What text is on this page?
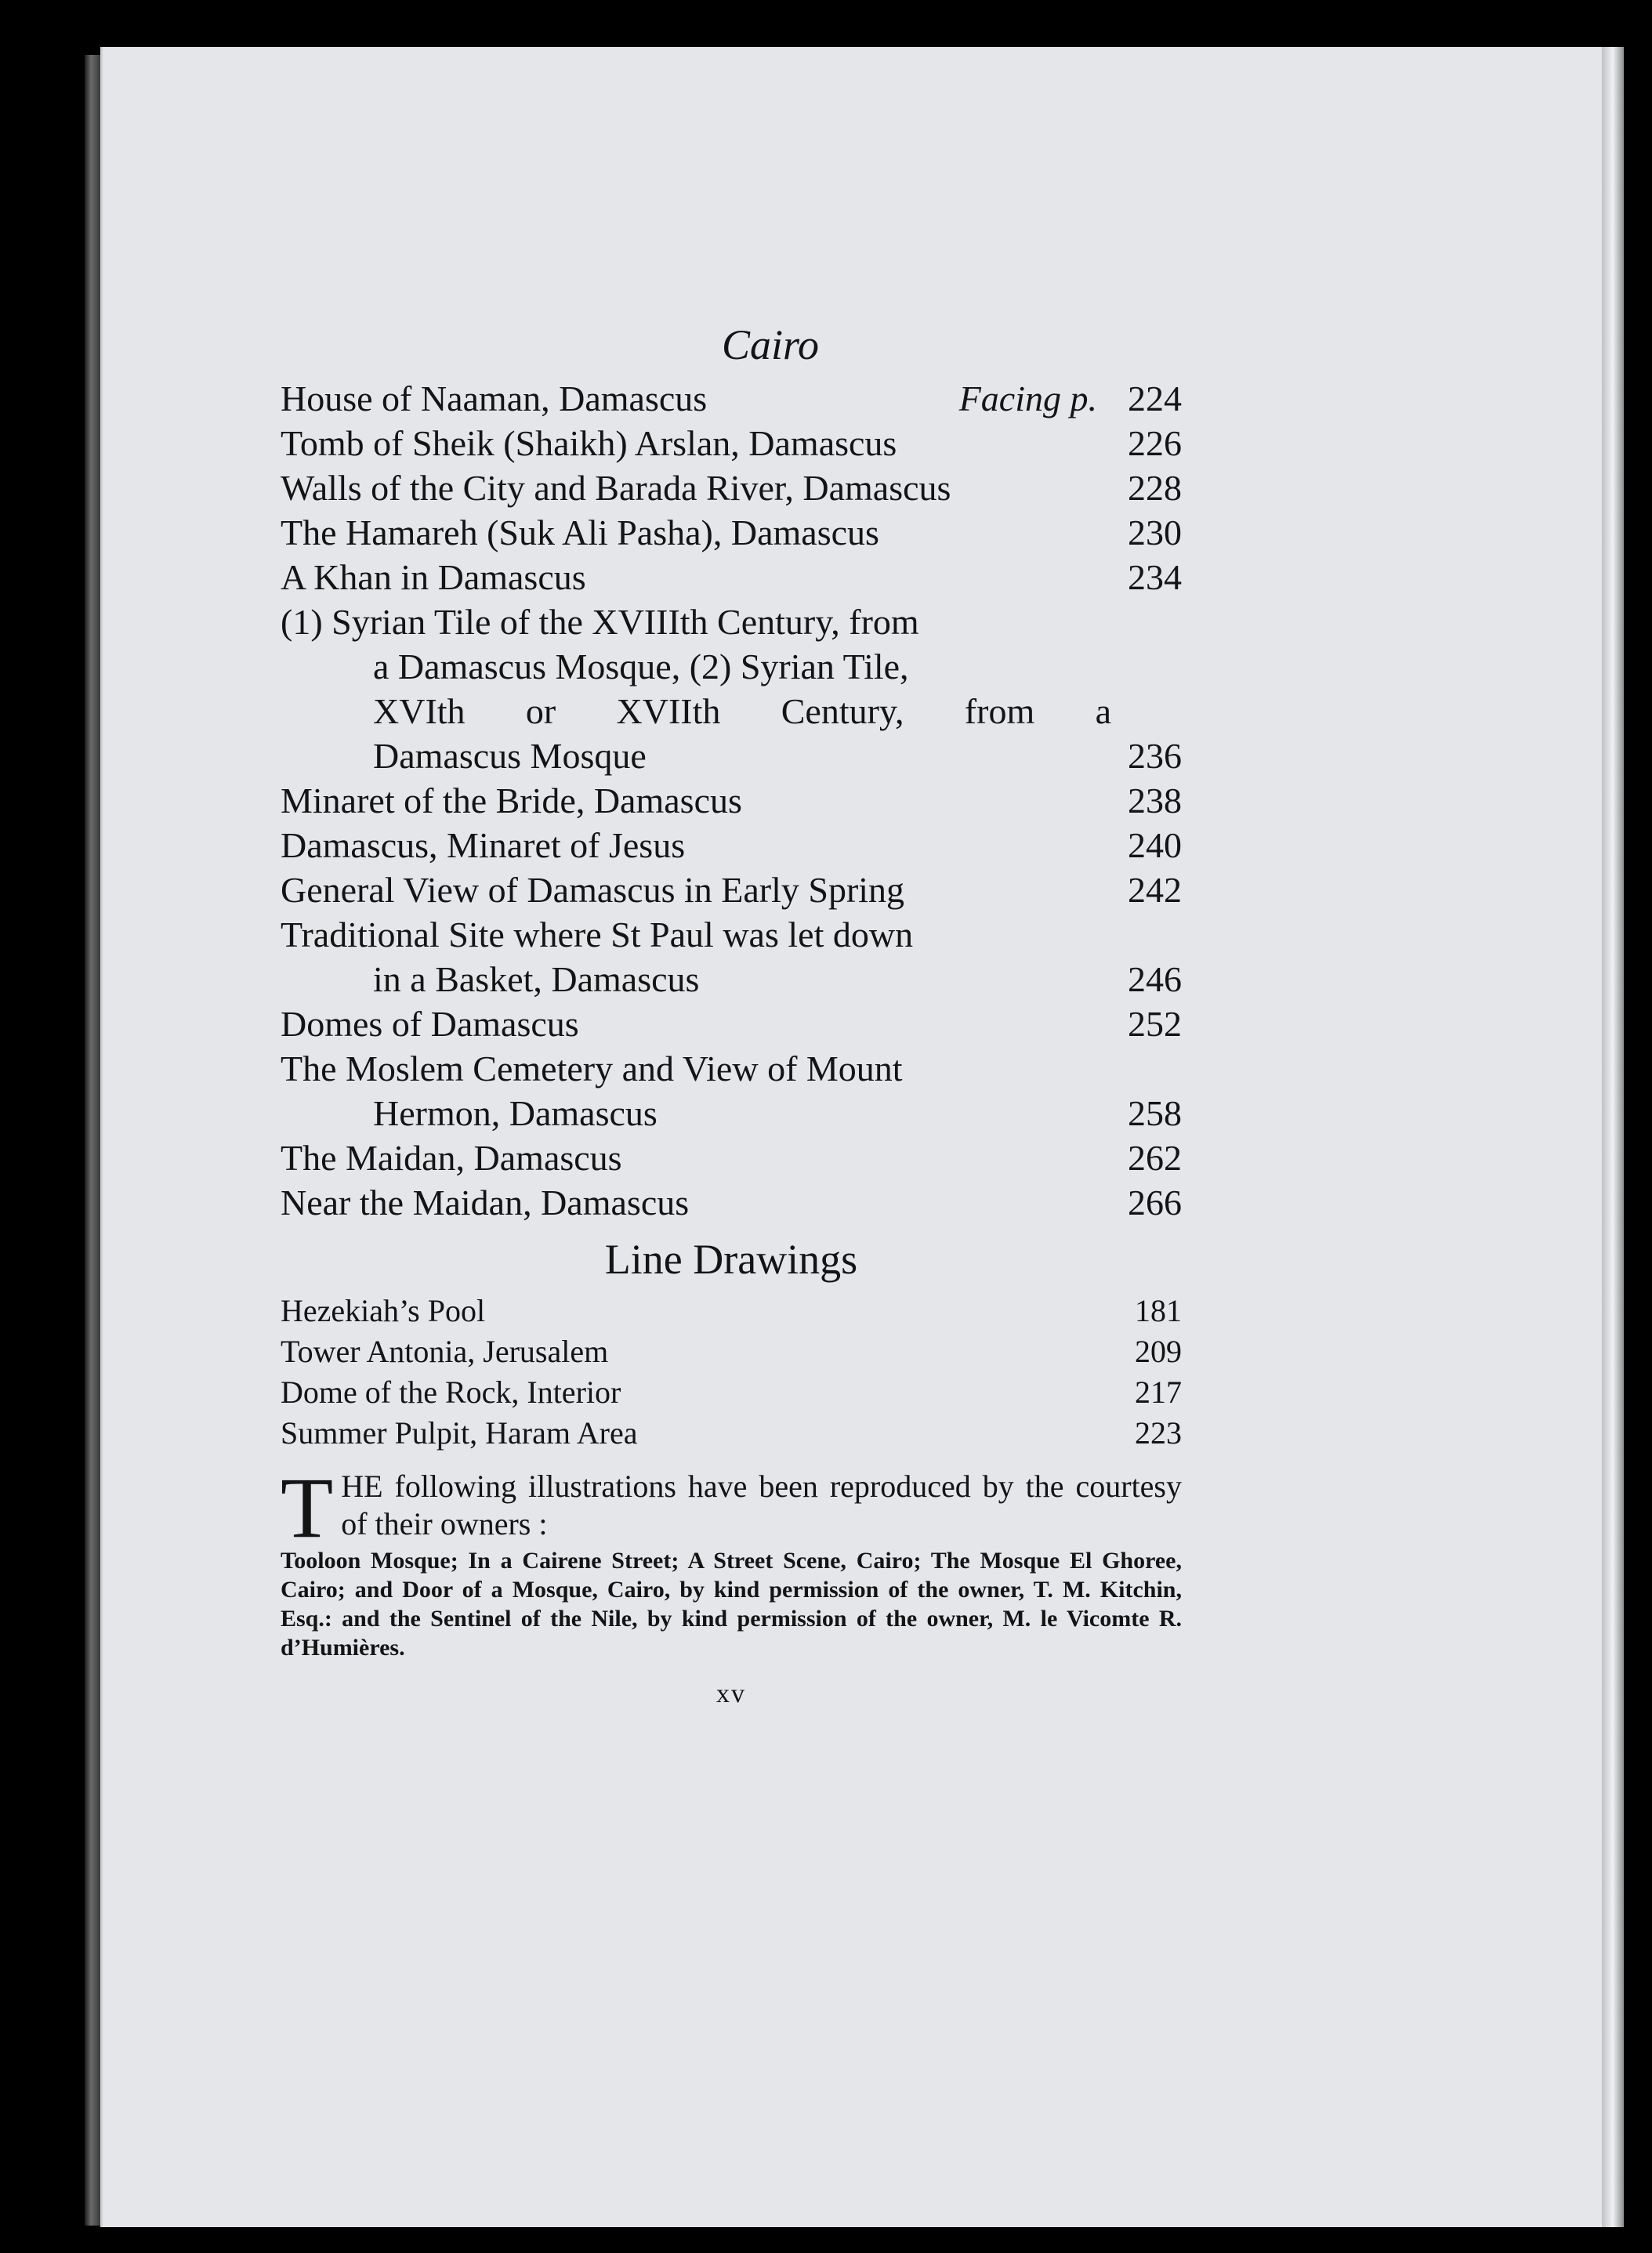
Cairo
House of Naaman, Damascus	Facing p. 224
Tomb of Sheik (Shaikh) Arslan, Damascus	226
Walls of the City and Barada River, Damascus	228
The Hamareh (Suk Ali Pasha), Damascus	230
A Khan in Damascus	234
(1) Syrian Tile of the XVIIIth Century, from
a Damascus Mosque, (2) Syrian Tile,
XVIth or XVIIth Century, from a
Damascus Mosque	236
Minaret of the Bride, Damascus	238
Damascus, Minaret of Jesus	240
General View of Damascus in Early Spring	242
Traditional Site where St Paul was let down
in a Basket, Damascus	246
Domes of Damascus	252
The Moslem Cemetery and View of Mount
Hermon, Damascus	258
The Maidan, Damascus	262
Near the Maidan, Damascus	266
Line Drawings
Hezekiah’s Pool	181
Tower Antonia, Jerusalem	209
Dome of the Rock, Interior	217
Summer Pulpit, Haram Area	223
T HE following illustrations have been reproduced by the courtesy of their owners :
Tooloon Mosque; In a Cairene Street; A Street Scene, Cairo; The Mosque El Ghoree, Cairo; and Door of a Mosque, Cairo, by kind permission of the owner, T. M. Kitchin, Esq.: and the Sentinel of the Nile, by kind permission of the owner, M. le Vicomte R. d’Humières.
xv
